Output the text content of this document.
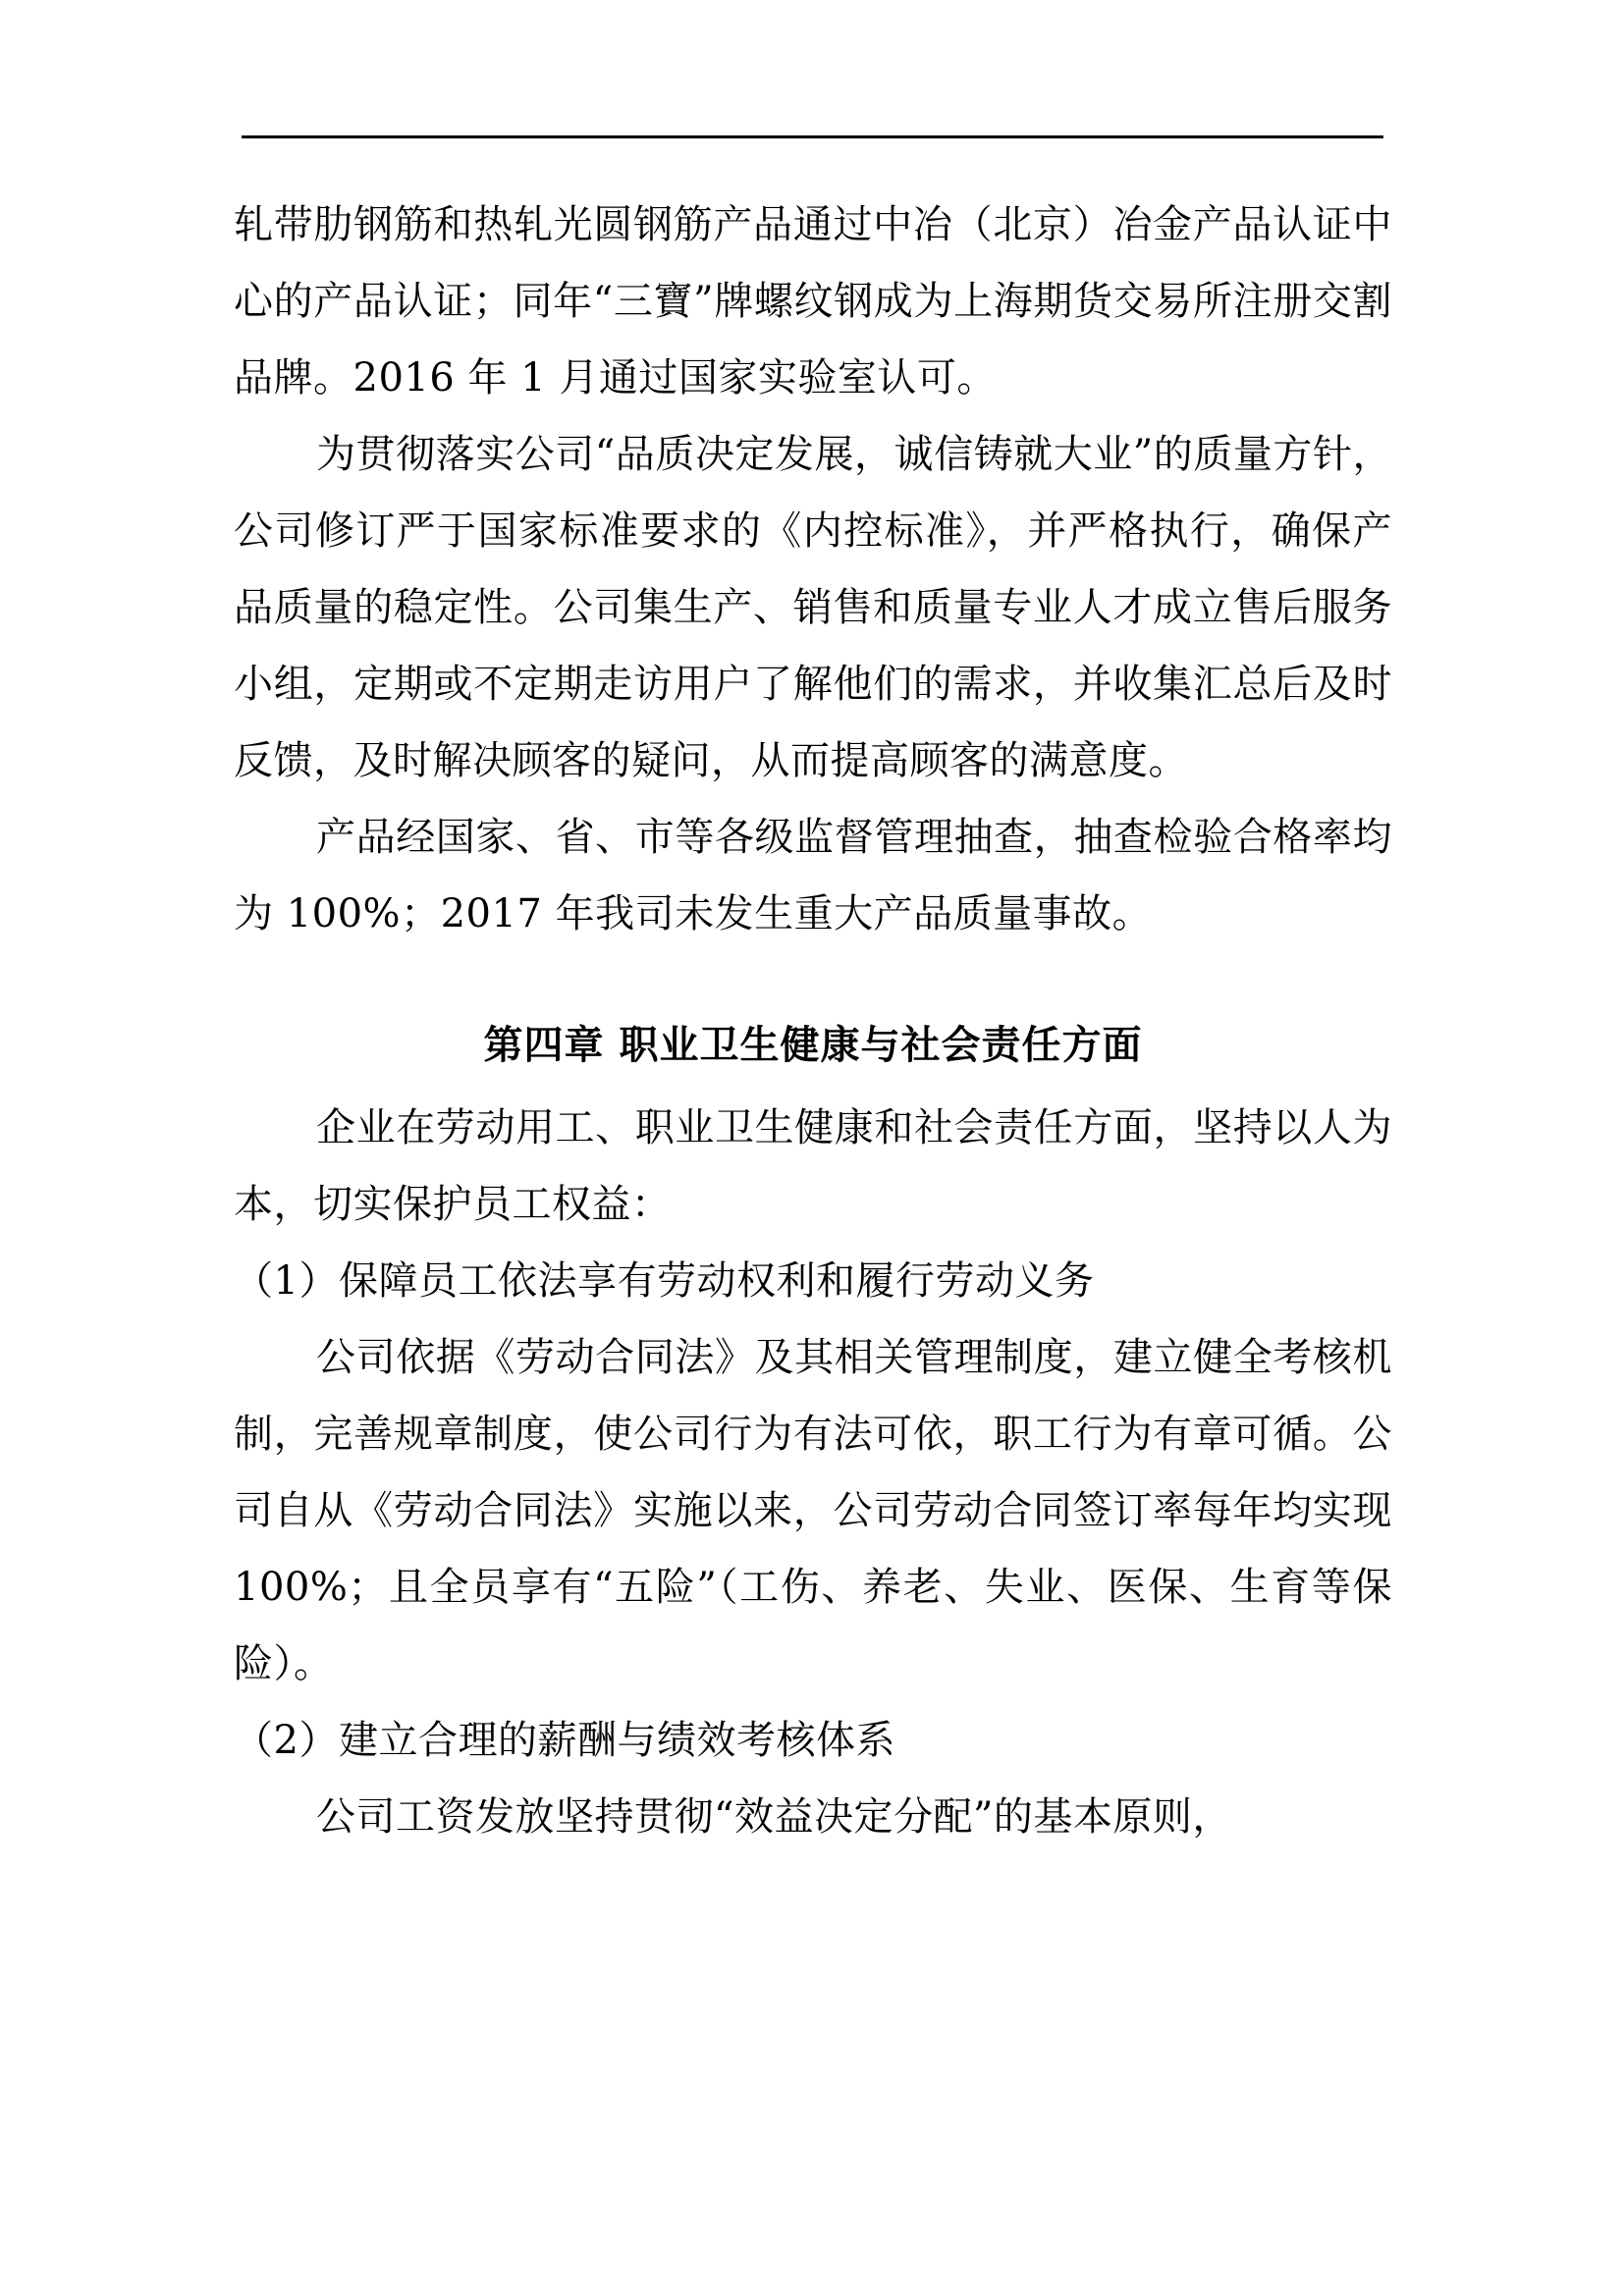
轧带肋钢筋和热轧光圆钢筋产品通过中冶（北京）冶金产品认证中心的产品认证；同年“三寶”牌螺纹钢成为上海期货交易所注册交割品牌。2016 年 1 月通过国家实验室认可。

为贯彻落实公司“品质决定发展，诚信铸就大业”的质量方针，公司修订严于国家标准要求的《内控标准》，并严格执行，确保产品质量的稳定性。公司集生产、销售和质量专业人才成立售后服务小组，定期或不定期走访用户了解他们的需求，并收集汇总后及时反馈，及时解决顾客的疑问，从而提高顾客的满意度。

产品经国家、省、市等各级监督管理抽查，抽查检验合格率均为 100%；2017 年我司未发生重大产品质量事故。

第四章 职业卫生健康与社会责任方面

企业在劳动用工、职业卫生健康和社会责任方面，坚持以人为本，切实保护员工权益：

（1）保障员工依法享有劳动权利和履行劳动义务

公司依据《劳动合同法》及其相关管理制度，建立健全考核机制，完善规章制度，使公司行为有法可依，职工行为有章可循。公司自从《劳动合同法》实施以来，公司劳动合同签订率每年均实现100%；且全员享有“五险”（工伤、养老、失业、医保、生育等保险）。

（2）建立合理的薪酬与绩效考核体系

公司工资发放坚持贯彻“效益决定分配”的基本原则，
